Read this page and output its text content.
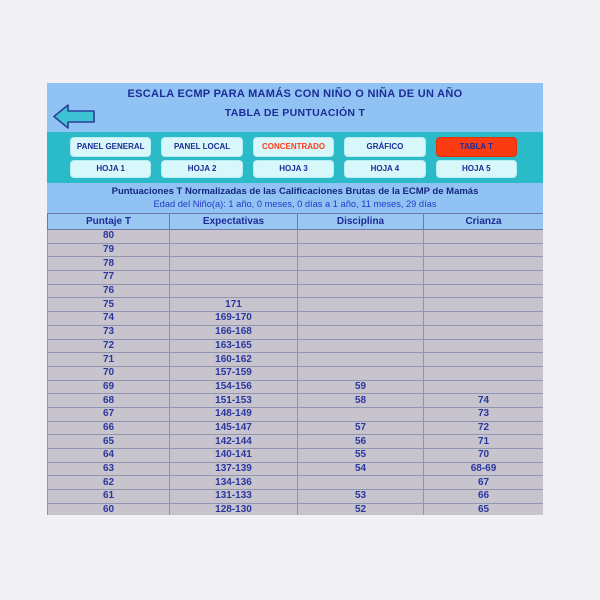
ESCALA ECMP PARA MAMÁS CON NIÑO O NIÑA DE UN AÑO
TABLA DE PUNTUACIÓN T
PANEL GENERAL	PANEL LOCAL	CONCENTRADO	GRÁFICO	TABLA T
HOJA 1	HOJA 2	HOJA 3	HOJA 4	HOJA 5
Puntuaciones T Normalizadas de las Calificaciones Brutas de la ECMP de Mamás
Edad del Niño(a): 1 año, 0 meses, 0 días a 1 año, 11 meses, 29 días
Puntaje T	Expectativas	Disciplina	Crianza
80			
79			
78			
77			
76			
75	171		
74	169-170		
73	166-168		
72	163-165		
71	160-162		
70	157-159		
69	154-156	59	
68	151-153	58	74
67	148-149		73
66	145-147	57	72
65	142-144	56	71
64	140-141	55	70
63	137-139	54	68-69
62	134-136		67
61	131-133	53	66
60	128-130	52	65
